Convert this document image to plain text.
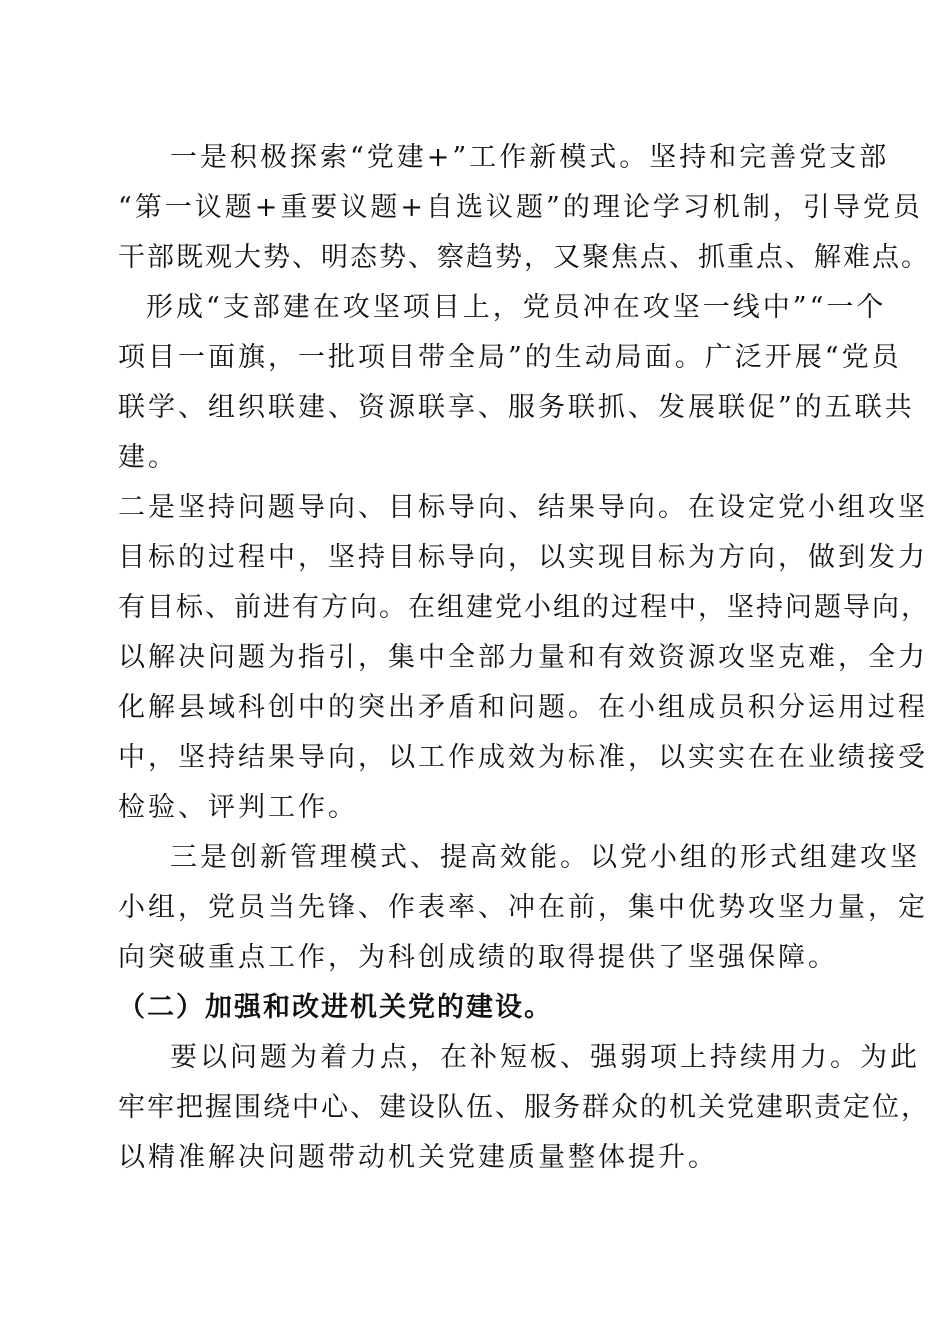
一是积极探索“党建+”工作新模式。坚持和完善党支部
“第一议题+重要议题+自选议题”的理论学习机制，引导党员
干部既观大势、明态势、察趋势，又聚焦点、抓重点、解难点。
形成“支部建在攻坚项目上，党员冲在攻坚一线中”“一个
项目一面旗，一批项目带全局”的生动局面。广泛开展“党员
联学、组织联建、资源联享、服务联抓、发展联促”的五联共
建。
二是坚持问题导向、目标导向、结果导向。在设定党小组攻坚
目标的过程中，坚持目标导向，以实现目标为方向，做到发力
有目标、前进有方向。在组建党小组的过程中，坚持问题导向，
以解决问题为指引，集中全部力量和有效资源攻坚克难，全力
化解县域科创中的突出矛盾和问题。在小组成员积分运用过程
中，坚持结果导向，以工作成效为标准，以实实在在业绩接受
检验、评判工作。
三是创新管理模式、提高效能。以党小组的形式组建攻坚
小组，党员当先锋、作表率、冲在前，集中优势攻坚力量，定
向突破重点工作，为科创成绩的取得提供了坚强保障。
（二）加强和改进机关党的建设。
要以问题为着力点，在补短板、强弱项上持续用力。为此
牢牢把握围绕中心、建设队伍、服务群众的机关党建职责定位，
以精准解决问题带动机关党建质量整体提升。
